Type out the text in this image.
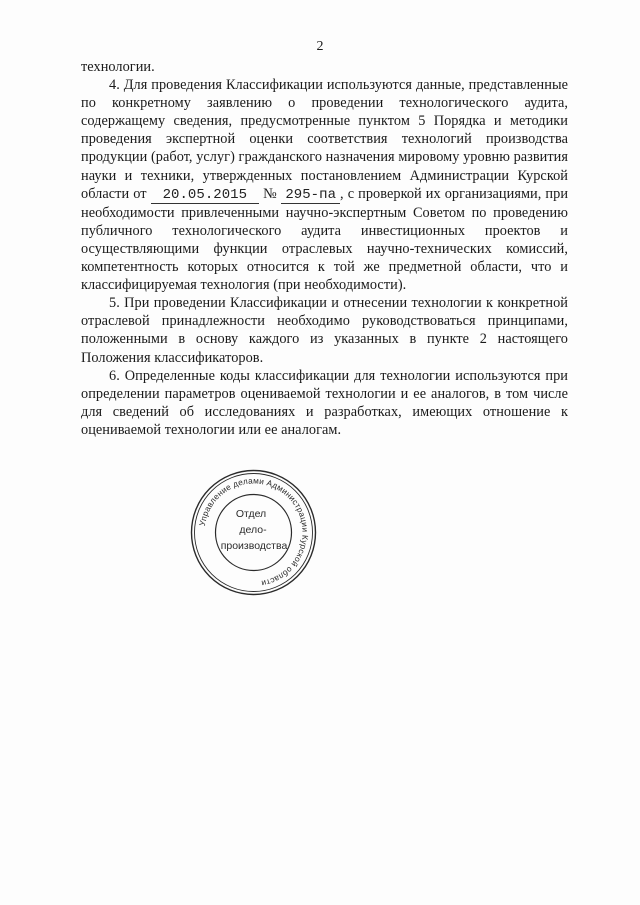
2

технологии.

4. Для проведения Классификации используются данные, представленные по конкретному заявлению о проведении технологического аудита, содержащему сведения, предусмотренные пунктом 5 Порядка и методики проведения экспертной оценки соответствия технологий производства продукции (работ, услуг) гражданского назначения мировому уровню развития науки и техники, утвержденных постановлением Администрации Курской области от 20.05.2015 № 295-па , с проверкой их организациями, при необходимости привлеченными научно-экспертным Советом по проведению публичного технологического аудита инвестиционных проектов и осуществляющими функции отраслевых научно-технических комиссий, компетентность которых относится к той же предметной области, что и классифицируемая технология (при необходимости).

5. При проведении Классификации и отнесении технологии к конкретной отраслевой принадлежности необходимо руководствоваться принципами, положенными в основу каждого из указанных в пункте 2 настоящего Положения классификаторов.

6. Определенные коды классификации для технологии используются при определении параметров оцениваемой технологии и ее аналогов, в том числе для сведений об исследованиях и разработках, имеющих отношение к оцениваемой технологии или ее аналогам.

Управление делами Администрации Курской области
Отдел
дело-
производства
